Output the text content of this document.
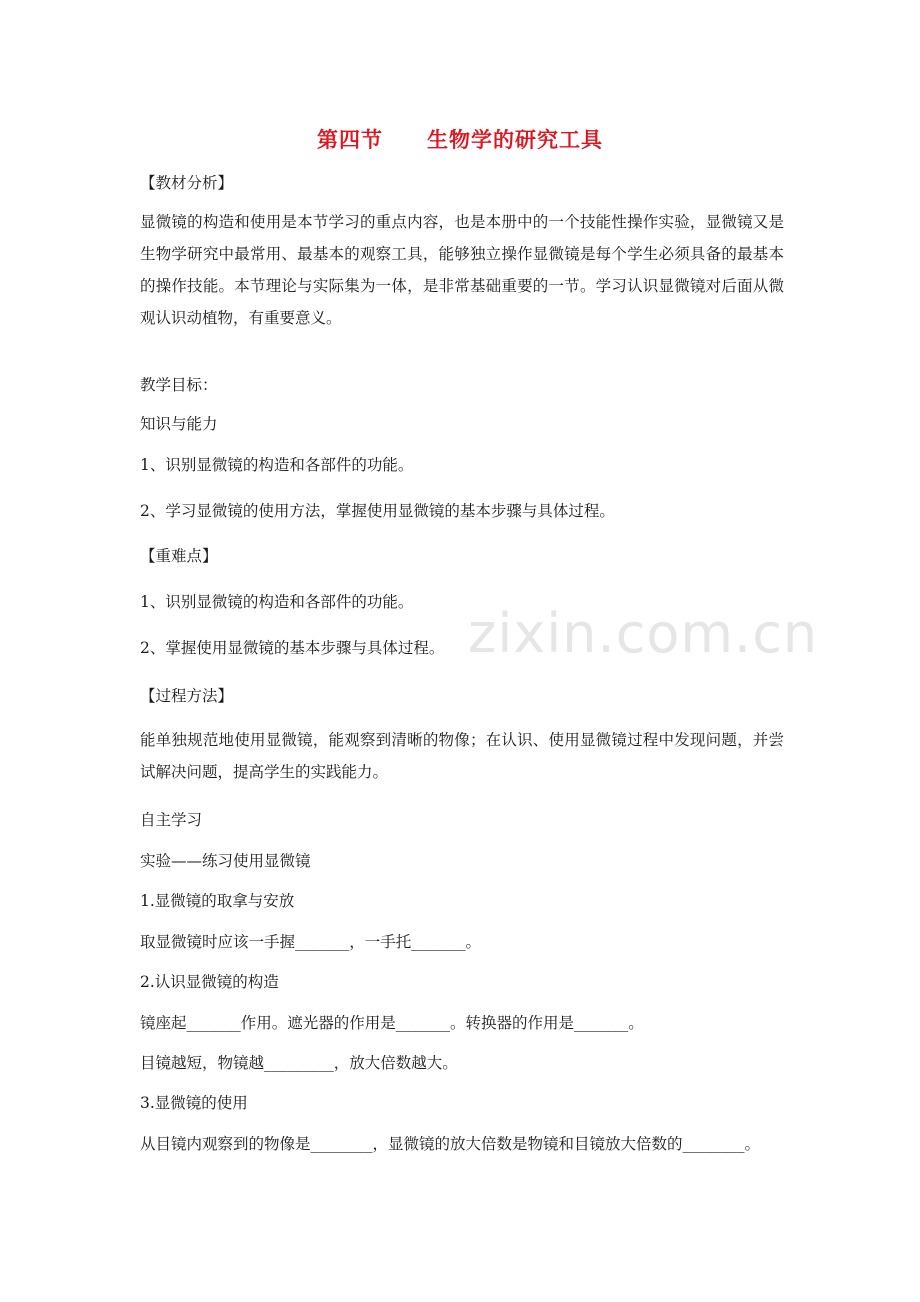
第四节 生物学的研究工具
【教材分析】
显微镜的构造和使用是本节学习的重点内容，也是本册中的一个技能性操作实验，显微镜又是生物学研究中最常用、最基本的观察工具，能够独立操作显微镜是每个学生必须具备的最基本的操作技能。本节理论与实际集为一体，是非常基础重要的一节。学习认识显微镜对后面从微观认识动植物，有重要意义。
教学目标：
知识与能力
1、识别显微镜的构造和各部件的功能。
2、学习显微镜的使用方法，掌握使用显微镜的基本步骤与具体过程。
【重难点】
1、识别显微镜的构造和各部件的功能。
2、掌握使用显微镜的基本步骤与具体过程。
【过程方法】
能单独规范地使用显微镜，能观察到清晰的物像；在认识、使用显微镜过程中发现问题，并尝试解决问题，提高学生的实践能力。
自主学习
实验——练习使用显微镜
1.显微镜的取拿与安放
取显微镜时应该一手握_______，一手托_______。
2.认识显微镜的构造
镜座起_______作用。遮光器的作用是_______。转换器的作用是_______。
目镜越短，物镜越_________，放大倍数越大。
3.显微镜的使用
从目镜内观察到的物像是________，显微镜的放大倍数是物镜和目镜放大倍数的________。
zixin.com.cn
